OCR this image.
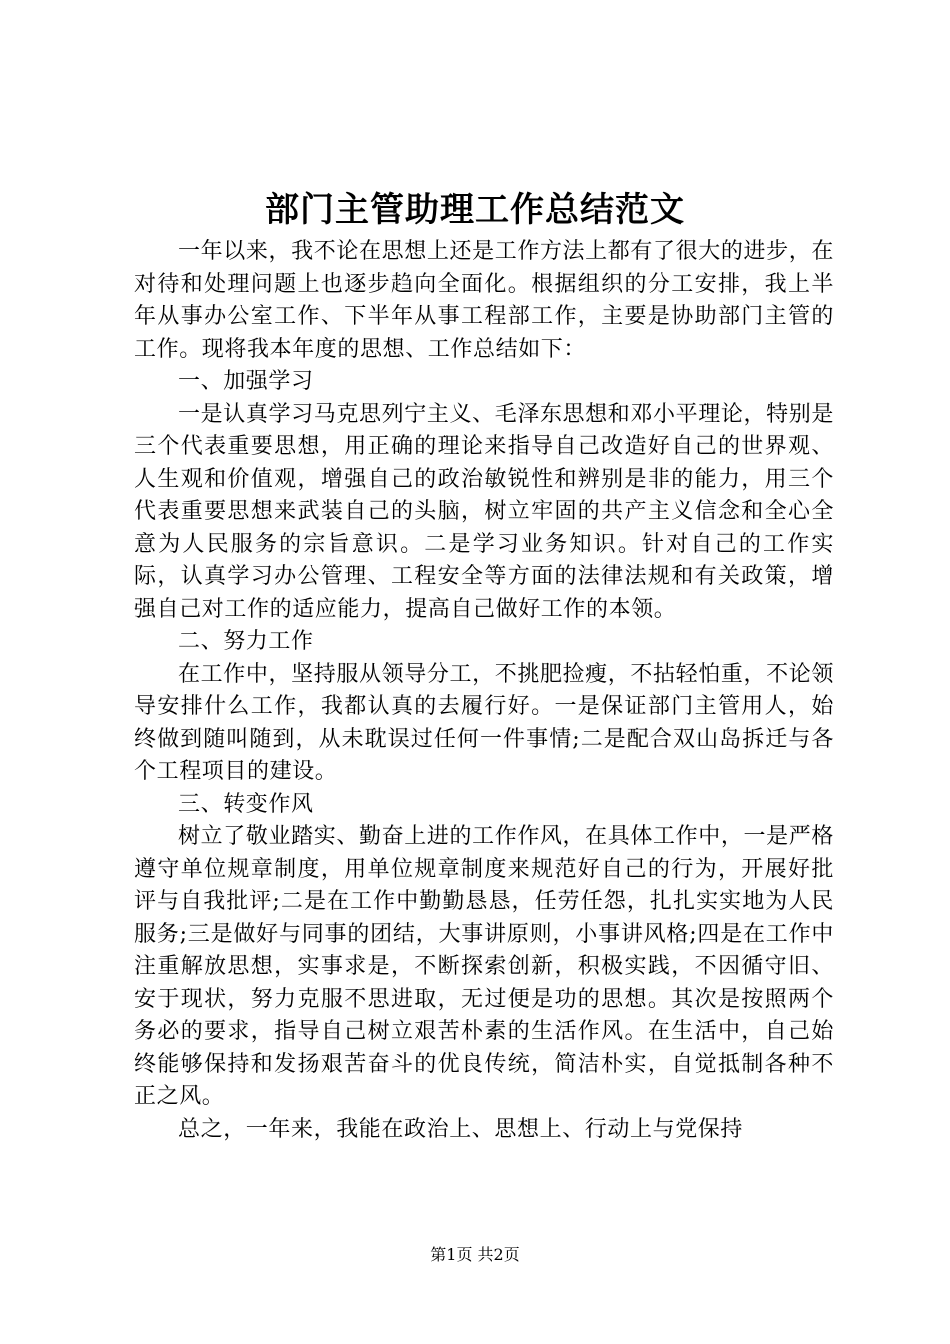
部门主管助理工作总结范文

一年以来，我不论在思想上还是工作方法上都有了很大的进步，在对待和处理问题上也逐步趋向全面化。根据组织的分工安排，我上半年从事办公室工作、下半年从事工程部工作，主要是协助部门主管的工作。现将我本年度的思想、工作总结如下：

一、加强学习

一是认真学习马克思列宁主义、毛泽东思想和邓小平理论，特别是三个代表重要思想，用正确的理论来指导自己改造好自己的世界观、人生观和价值观，增强自己的政治敏锐性和辨别是非的能力，用三个代表重要思想来武装自己的头脑，树立牢固的共产主义信念和全心全意为人民服务的宗旨意识。二是学习业务知识。针对自己的工作实际，认真学习办公管理、工程安全等方面的法律法规和有关政策，增强自己对工作的适应能力，提高自己做好工作的本领。

二、努力工作

在工作中，坚持服从领导分工，不挑肥捡瘦，不拈轻怕重，不论领导安排什么工作，我都认真的去履行好。一是保证部门主管用人，始终做到随叫随到，从未耽误过任何一件事情;二是配合双山岛拆迁与各个工程项目的建设。

三、转变作风

树立了敬业踏实、勤奋上进的工作作风，在具体工作中，一是严格遵守单位规章制度，用单位规章制度来规范好自己的行为，开展好批评与自我批评;二是在工作中勤勤恳恳，任劳任怨，扎扎实实地为人民服务;三是做好与同事的团结，大事讲原则，小事讲风格;四是在工作中注重解放思想，实事求是，不断探索创新，积极实践，不因循守旧、安于现状，努力克服不思进取，无过便是功的思想。其次是按照两个务必的要求，指导自己树立艰苦朴素的生活作风。在生活中，自己始终能够保持和发扬艰苦奋斗的优良传统，简洁朴实，自觉抵制各种不正之风。

总之，一年来，我能在政治上、思想上、行动上与党保持

第1页 共2页
